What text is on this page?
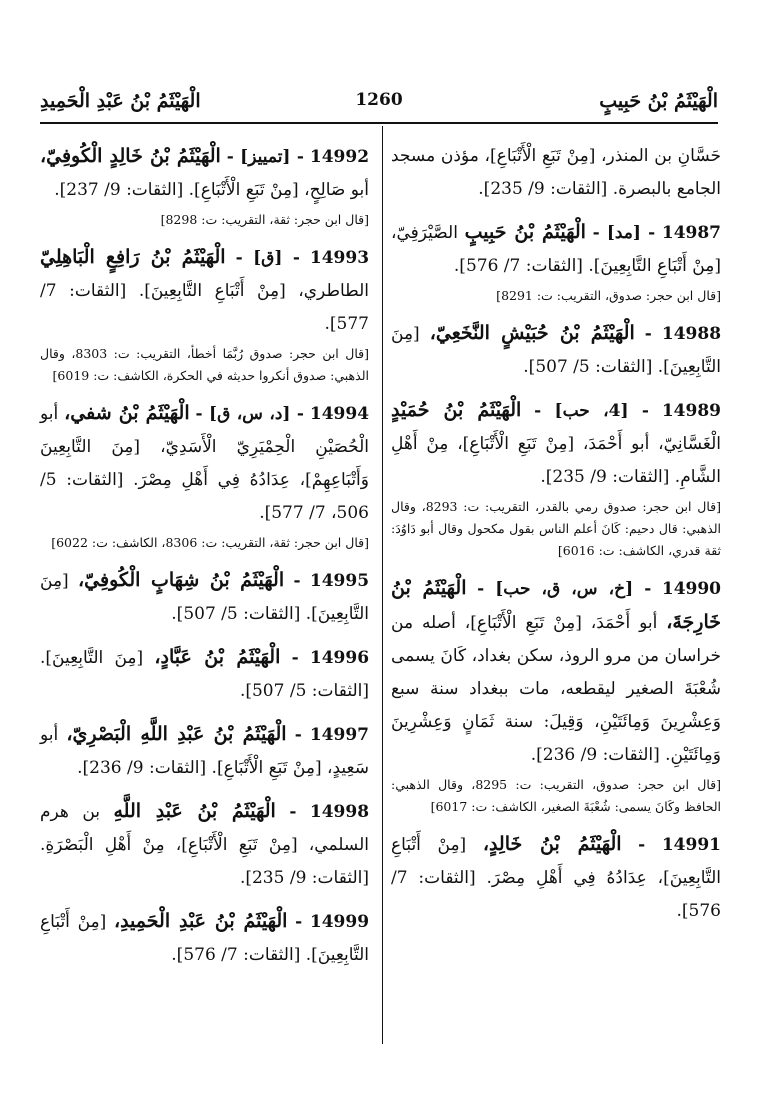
الْهَيْثَمُ بْنُ حَبِيبٍ
1260
الْهَيْثَمُ بْنُ عَبْدِ الْحَمِيدِ
حَسَّانِ بن المنذر، [مِنْ تَبَعِ الْأَتْبَاعِ]، مؤذن مسجد الجامع بالبصرة. [الثقات: 9/ 235].
14987 - [مد] - الْهَيْثَمُ بْنُ حَبِيبٍ الصَّيْرَفِيّ، [مِنْ أَتْبَاعِ التَّابِعِينَ]. [الثقات: 7/ 576].
[قال ابن حجر: صدوق، التقريب: ت: 8291]
14988 - الْهَيْثَمُ بْنُ حُبَيْشٍ النَّخَعِيّ، [مِنَ التَّابِعِينَ]. [الثقات: 5/ 507].
14989 - [4، حب] - الْهَيْثَمُ بْنُ حُمَيْدٍ الْغَسَّانِيّ، أبو أَحْمَدَ، [مِنْ تَبَعِ الْأَتْبَاعِ]، مِنْ أَهْلِ الشَّامِ. [الثقات: 9/ 235].
[قال ابن حجر: صدوق رمي بالقدر، التقريب: ت: 8293، وقال الذهبي: قال دحيم: كَانَ أعلم الناس بقول مكحول وقال أبو دَاوُدَ: ثقة قدري، الكاشف: ت: 6016]
14990 - [خ، س، ق، حب] - الْهَيْثَمُ بْنُ خَارِجَةَ، أبو أَحْمَدَ، [مِنْ تَبَعِ الْأَتْبَاعِ]، أصله من خراسان من مرو الروذ، سكن بغداد، كَانَ يسمى شُعْبَةَ الصغير ليقطعه، مات ببغداد سنة سبع وَعِشْرِينَ وَمِائَتَيْنِ، وَقِيلَ: سنة ثَمَانٍ وَعِشْرِينَ وَمِائَتَيْنِ. [الثقات: 9/ 236].
[قال ابن حجر: صدوق، التقريب: ت: 8295، وقال الذهبي: الحافظ وكَانَ يسمى: شُعْبَةَ الصغير، الكاشف: ت: 6017]
14991 - الْهَيْثَمُ بْنُ خَالِدٍ، [مِنْ أَتْبَاعِ التَّابِعِينَ]، عِدَادُهُ فِي أَهْلِ مِصْرَ. [الثقات: 7/ 576].
14992 - [تمييز] - الْهَيْثَمُ بْنُ خَالِدٍ الْكُوفِيّ، أبو صَالِحٍ، [مِنْ تَبَعِ الْأَتْبَاعِ]. [الثقات: 9/ 237].
[قال ابن حجر: ثقة، التقريب: ت: 8298]
14993 - [ق] - الْهَيْثَمُ بْنُ رَافِعٍ الْبَاهِلِيّ الطاطري، [مِنْ أَتْبَاعِ التَّابِعِينَ]. [الثقات: 7/ 577].
[قال ابن حجر: صدوق رُبَّمَا أخطأ، التقريب: ت: 8303، وقال الذهبي: صدوق أنكروا حديثه في الحكرة، الكاشف: ت: 6019]
14994 - [د، س، ق] - الْهَيْثَمُ بْنُ شفي، أبو الْحُصَيْنِ الْحِمْيَرِيّ الْأَسَدِيّ، [مِنَ التَّابِعِينَ وَأَتْبَاعِهِمْ]، عِدَادُهُ فِي أَهْلِ مِصْرَ. [الثقات: 5/ 506، 7/ 577].
[قال ابن حجر: ثقة، التقريب: ت: 8306، الكاشف: ت: 6022]
14995 - الْهَيْثَمُ بْنُ شِهَابٍ الْكُوفِيّ، [مِنَ التَّابِعِينَ]. [الثقات: 5/ 507].
14996 - الْهَيْثَمُ بْنُ عَبَّادٍ، [مِنَ التَّابِعِينَ]. [الثقات: 5/ 507].
14997 - الْهَيْثَمُ بْنُ عَبْدِ اللَّهِ الْبَصْرِيّ، أبو سَعِيدٍ، [مِنْ تَبَعِ الْأَتْبَاعِ]. [الثقات: 9/ 236].
14998 - الْهَيْثَمُ بْنُ عَبْدِ اللَّهِ بن هرم السلمي، [مِنْ تَبَعِ الْأَتْبَاعِ]، مِنْ أَهْلِ الْبَصْرَةِ. [الثقات: 9/ 235].
14999 - الْهَيْثَمُ بْنُ عَبْدِ الْحَمِيدِ، [مِنْ أَتْبَاعِ التَّابِعِينَ]. [الثقات: 7/ 576].
